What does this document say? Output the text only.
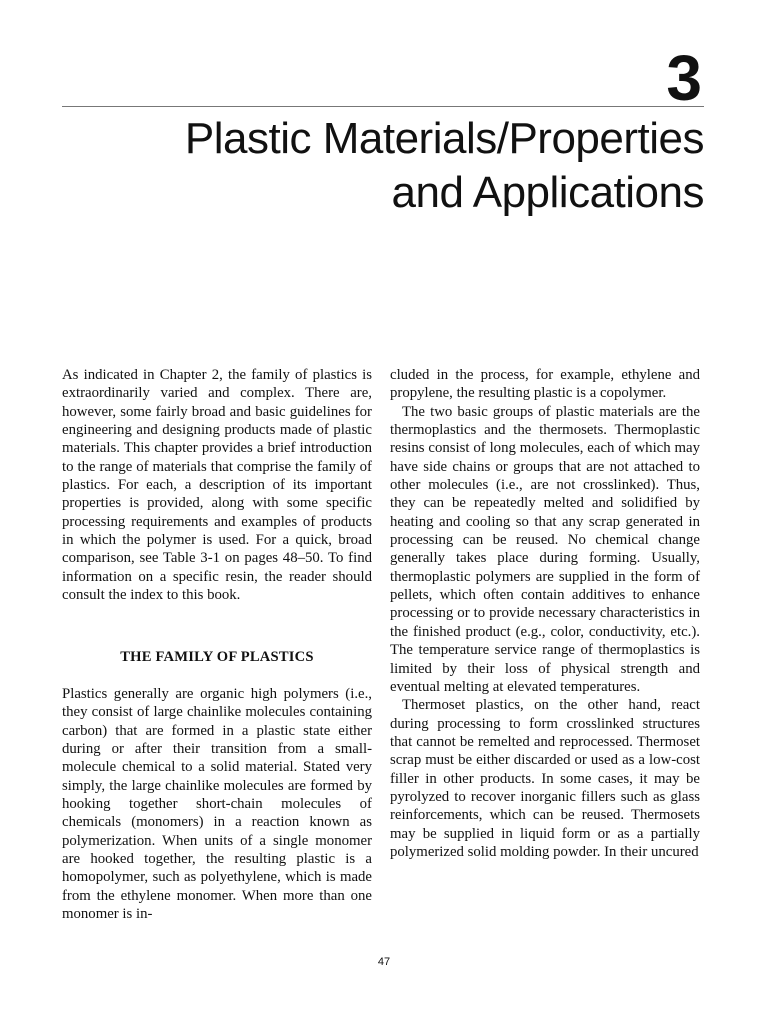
3
Plastic Materials/Properties
and Applications

As indicated in Chapter 2, the family of plastics is extraordinarily varied and complex. There are, however, some fairly broad and basic guidelines for engineering and designing products made of plastic materials. This chapter provides a brief introduction to the range of materials that comprise the family of plastics. For each, a description of its important properties is provided, along with some specific processing requirements and examples of products in which the polymer is used. For a quick, broad comparison, see Table 3-1 on pages 48–50. To find information on a specific resin, the reader should consult the index to this book.

THE FAMILY OF PLASTICS

Plastics generally are organic high polymers (i.e., they consist of large chainlike molecules containing carbon) that are formed in a plastic state either during or after their transition from a small-molecule chemical to a solid material. Stated very simply, the large chainlike molecules are formed by hooking together short-chain molecules of chemicals (monomers) in a reaction known as polymerization. When units of a single monomer are hooked together, the resulting plastic is a homopolymer, such as polyethylene, which is made from the ethylene monomer. When more than one monomer is in-

cluded in the process, for example, ethylene and propylene, the resulting plastic is a copolymer.

The two basic groups of plastic materials are the thermoplastics and the thermosets. Thermoplastic resins consist of long molecules, each of which may have side chains or groups that are not attached to other molecules (i.e., are not crosslinked). Thus, they can be repeatedly melted and solidified by heating and cooling so that any scrap generated in processing can be reused. No chemical change generally takes place during forming. Usually, thermoplastic polymers are supplied in the form of pellets, which often contain additives to enhance processing or to provide necessary characteristics in the finished product (e.g., color, conductivity, etc.). The temperature service range of thermoplastics is limited by their loss of physical strength and eventual melting at elevated temperatures.

Thermoset plastics, on the other hand, react during processing to form crosslinked structures that cannot be remelted and reprocessed. Thermoset scrap must be either discarded or used as a low-cost filler in other products. In some cases, it may be pyrolyzed to recover inorganic fillers such as glass reinforcements, which can be reused. Thermosets may be supplied in liquid form or as a partially polymerized solid molding powder. In their uncured

47
